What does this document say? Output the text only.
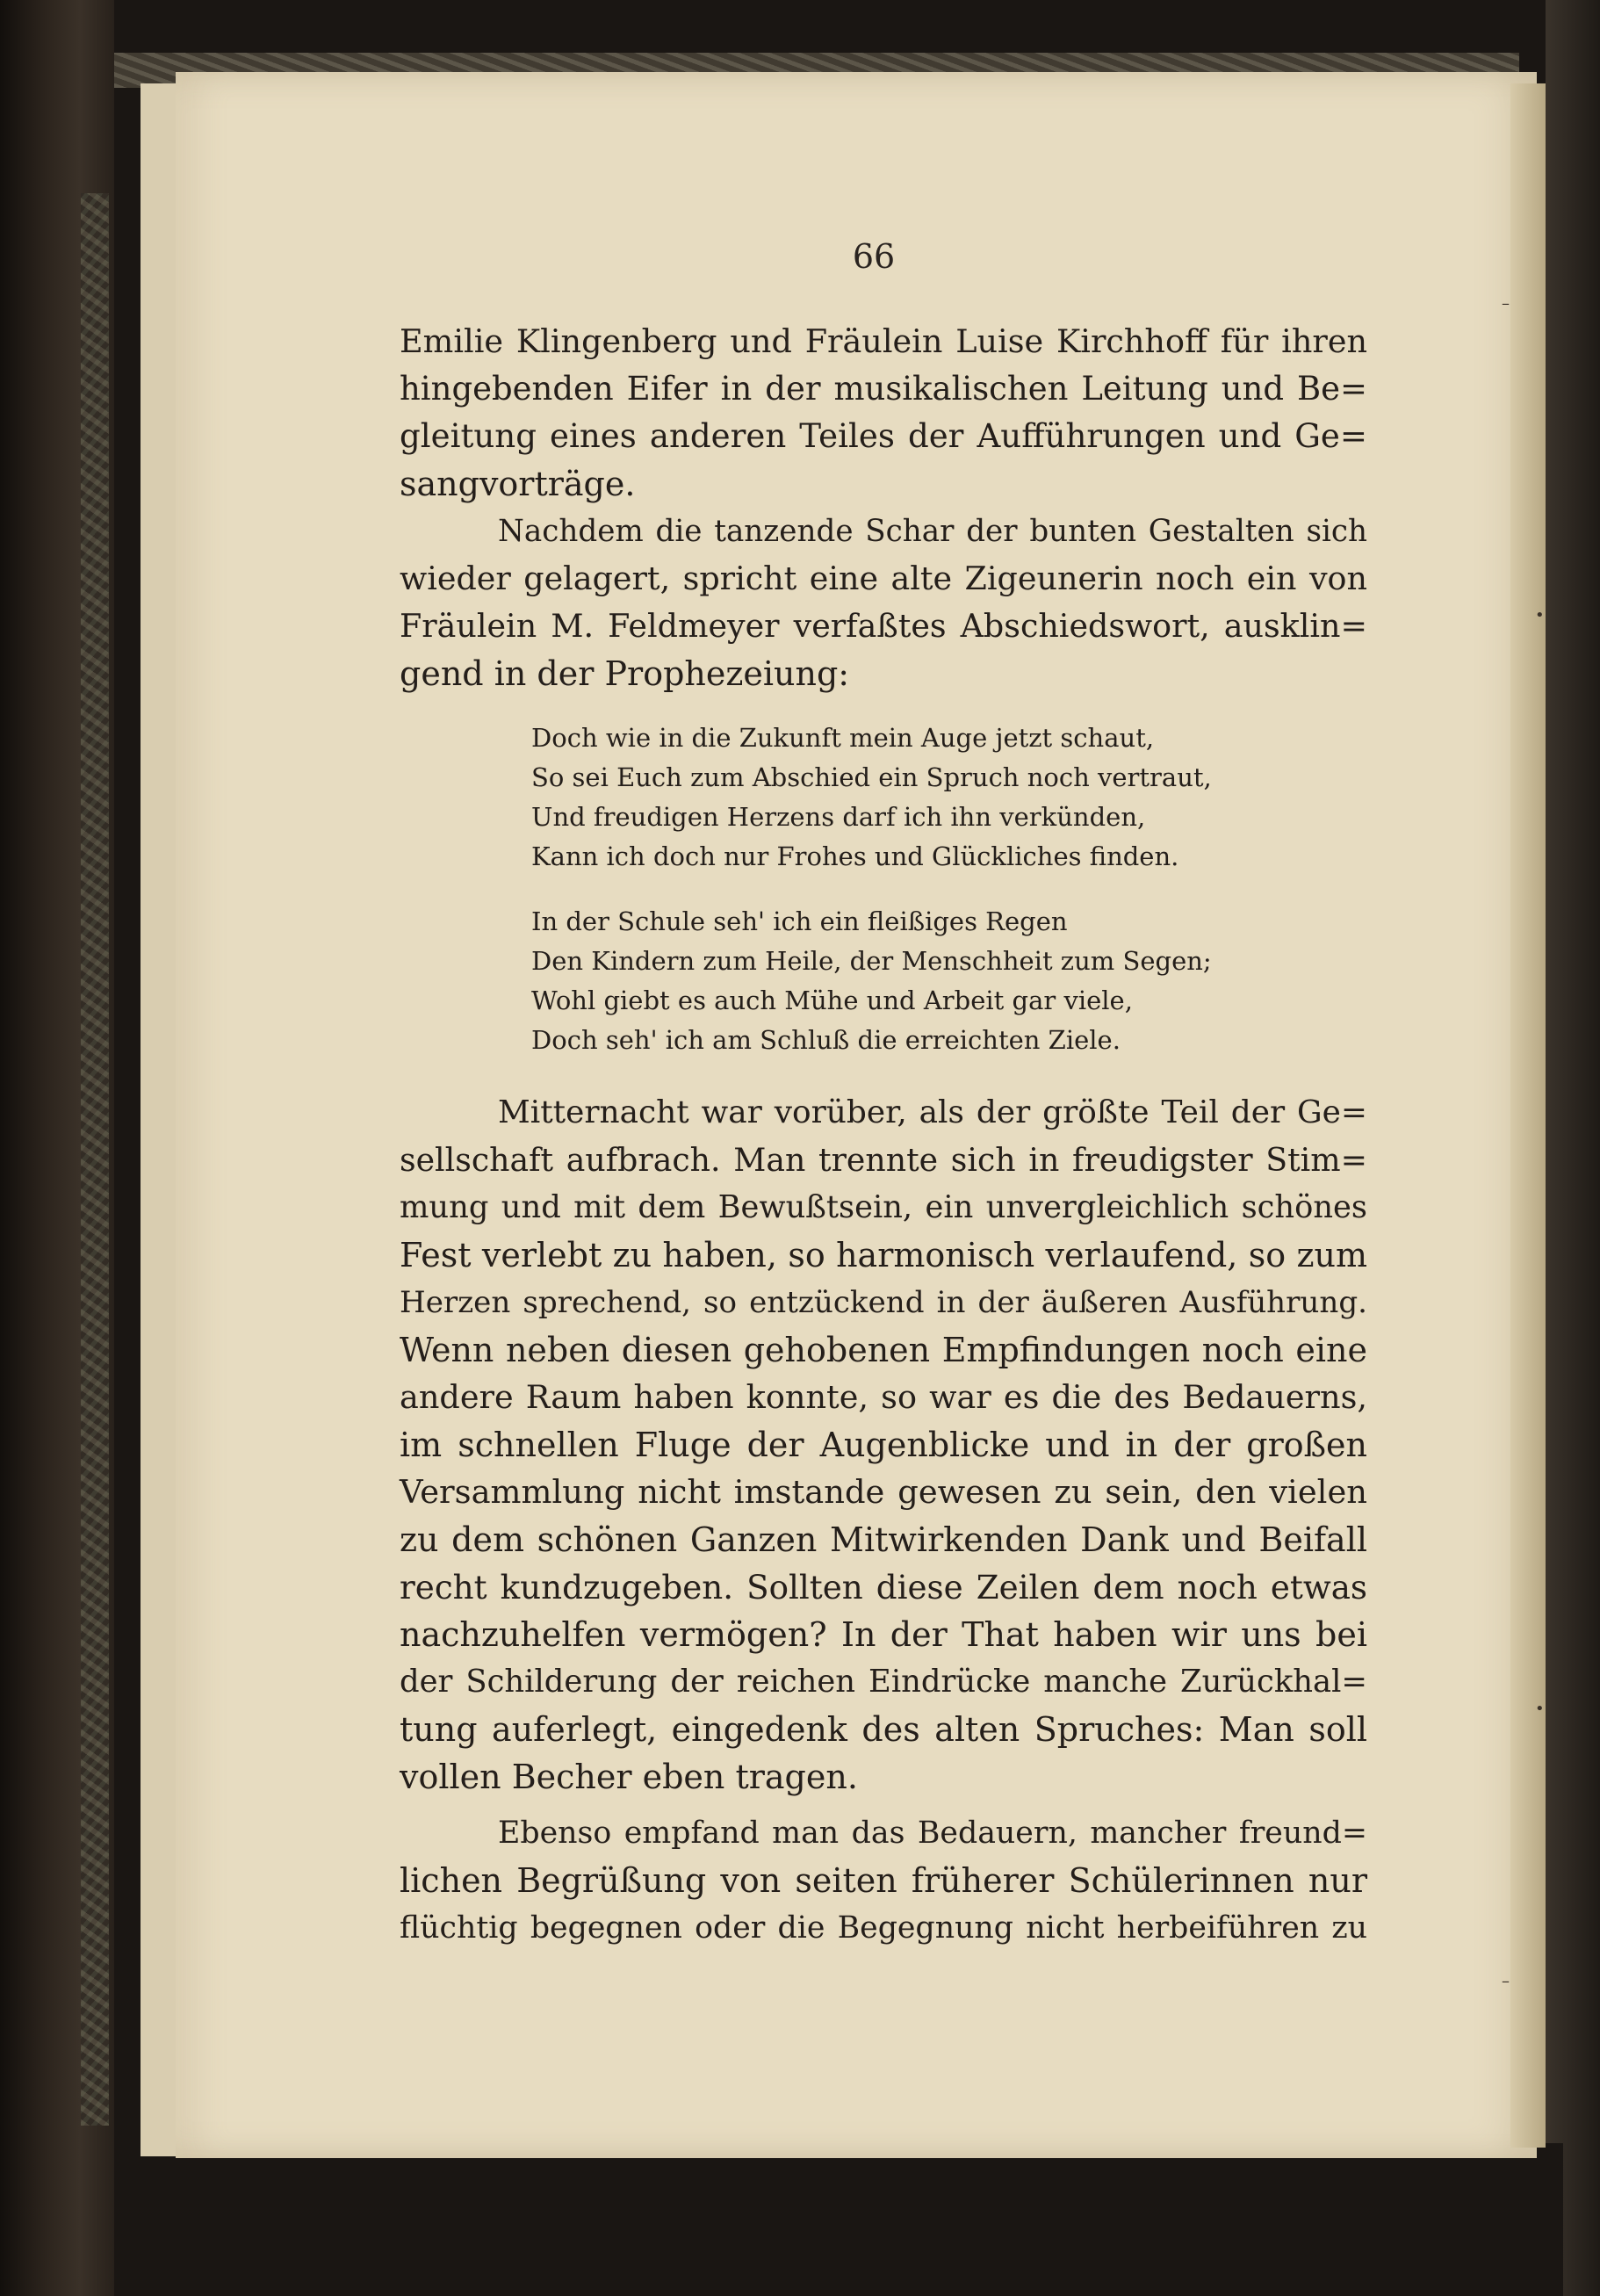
–
•
•
–
66
Emilie Klingenberg und Fräulein Luise Kirchhoff für ihren
hingebenden Eifer in der musikalischen Leitung und Be=
gleitung eines anderen Teiles der Aufführungen und Ge=
sangvorträge.
Nachdem die tanzende Schar der bunten Gestalten sich
wieder gelagert, spricht eine alte Zigeunerin noch ein von
Fräulein M. Feldmeyer verfaßtes Abschiedswort, ausklin=
gend in der Prophezeiung:
Doch wie in die Zukunft mein Auge jetzt schaut,
So sei Euch zum Abschied ein Spruch noch vertraut,
Und freudigen Herzens darf ich ihn verkünden,
Kann ich doch nur Frohes und Glückliches finden.
In der Schule seh' ich ein fleißiges Regen
Den Kindern zum Heile, der Menschheit zum Segen;
Wohl giebt es auch Mühe und Arbeit gar viele,
Doch seh' ich am Schluß die erreichten Ziele.
Mitternacht war vorüber, als der größte Teil der Ge=
sellschaft aufbrach. Man trennte sich in freudigster Stim=
mung und mit dem Bewußtsein, ein unvergleichlich schönes
Fest verlebt zu haben, so harmonisch verlaufend, so zum
Herzen sprechend, so entzückend in der äußeren Ausführung.
Wenn neben diesen gehobenen Empfindungen noch eine
andere Raum haben konnte, so war es die des Bedauerns,
im schnellen Fluge der Augenblicke und in der großen
Versammlung nicht imstande gewesen zu sein, den vielen
zu dem schönen Ganzen Mitwirkenden Dank und Beifall
recht kundzugeben. Sollten diese Zeilen dem noch etwas
nachzuhelfen vermögen? In der That haben wir uns bei
der Schilderung der reichen Eindrücke manche Zurückhal=
tung auferlegt, eingedenk des alten Spruches: Man soll
vollen Becher eben tragen.
Ebenso empfand man das Bedauern, mancher freund=
lichen Begrüßung von seiten früherer Schülerinnen nur
flüchtig begegnen oder die Begegnung nicht herbeiführen zu
